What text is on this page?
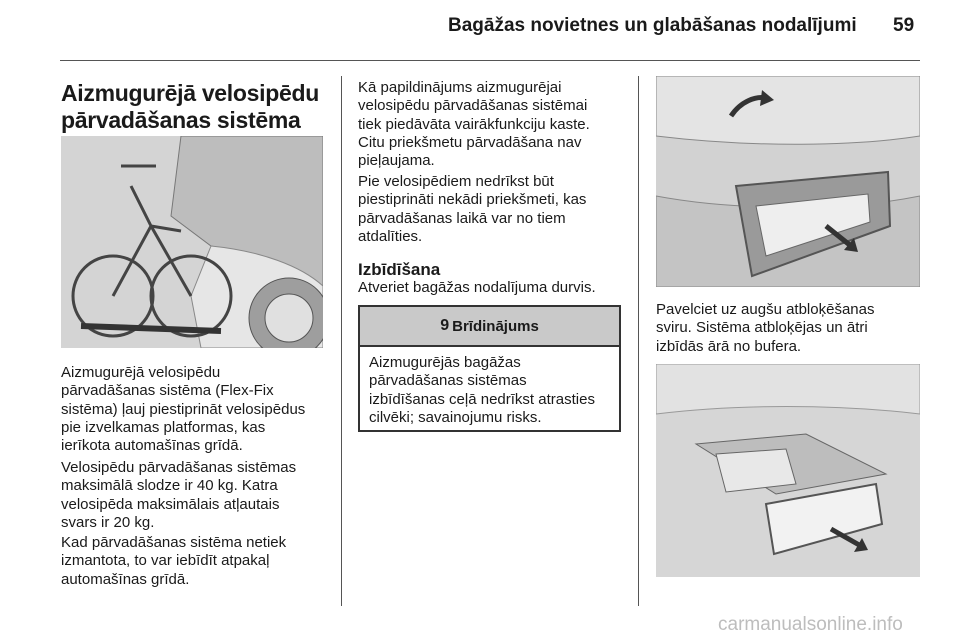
Bagāžas novietnes un glabāšanas nodalījumi 59
Aizmugurējā velosipēdu
pārvadāšanas sistēma
Aizmugurējā velosipēdu
pārvadāšanas sistēma (Flex-Fix
sistēma) ļauj piestiprināt velosipēdus
pie izvelkamas platformas, kas
ierīkota automašīnas grīdā.
Velosipēdu pārvadāšanas sistēmas
maksimālā slodze ir 40 kg. Katra
velosipēda maksimālais atļautais
svars ir 20 kg.
Kad pārvadāšanas sistēma netiek
izmantota, to var iebīdīt atpakaļ
automašīnas grīdā.
Kā papildinājums aizmugurējai
velosipēdu pārvadāšanas sistēmai
tiek piedāvāta vairākfunkciju kaste.
Citu priekšmetu pārvadāšana nav
pieļaujama.
Pie velosipēdiem nedrīkst būt
piestiprināti nekādi priekšmeti, kas
pārvadāšanas laikā var no tiem
atdalīties.
Izbīdīšana
Atveriet bagāžas nodalījuma durvis.
9 Brīdinājums
Aizmugurējās bagāžas
pārvadāšanas sistēmas
izbīdīšanas ceļā nedrīkst atrasties
cilvēki; savainojumu risks.
Pavelciet uz augšu atbloķēšanas
sviru. Sistēma atbloķējas un ātri
izbīdās ārā no bufera.
carmanualsonline.info
